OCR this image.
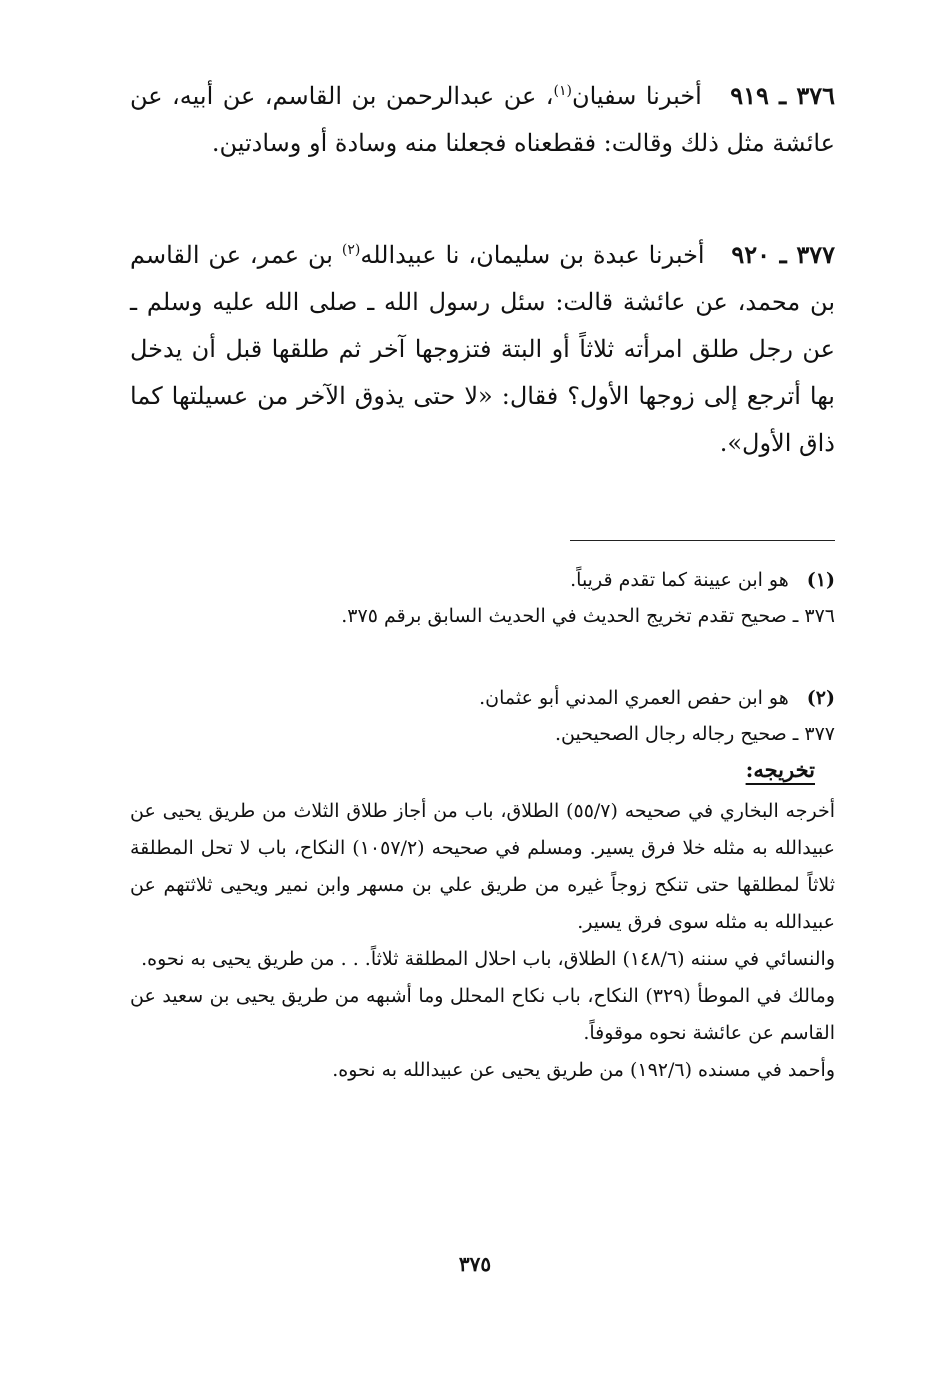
٣٧٦ ـ ٩١٩   أخبرنا سفيان$^{(١)}$، عن عبدالرحمن بن القاسم، عن أبيه، عن عائشة مثل ذلك وقالت: فقطعناه فجعلنا منه وسادة أو وسادتين.
٣٧٧ ـ ٩٢٠   أخبرنا عبدة بن سليمان، نا عبيدالله$^{(٢)}$ بن عمر، عن القاسم بن محمد، عن عائشة قالت: سئل رسول الله ـ صلى الله عليه وسلم ـ عن رجل طلق امرأته ثلاثاً أو البتة فتزوجها آخر ثم طلقها قبل أن يدخل بها أترجع إلى زوجها الأول؟ فقال: «لا حتى يذوق الآخر من عسيلتها كما ذاق الأول».
(١)هو ابن عيينة كما تقدم قريباً.
٣٧٦ ـ صحيح تقدم تخريج الحديث في الحديث السابق برقم ٣٧٥.
(٢)هو ابن حفص العمري المدني أبو عثمان.
٣٧٧ ـ صحيح رجاله رجال الصحيحين.
تخريجه:

أخرجه البخاري في صحيحه (٥٥/٧) الطلاق، باب من أجاز طلاق الثلاث من طريق يحيى عن عبيدالله به مثله خلا فرق يسير. ومسلم في صحيحه (١٠٥٧/٢) النكاح، باب لا تحل المطلقة ثلاثاً لمطلقها حتى تنكح زوجاً غيره من طريق علي بن مسهر وابن نمير ويحيى ثلاثتهم عن عبيدالله به مثله سوى فرق يسير.

والنسائي في سننه (١٤٨/٦) الطلاق، باب احلال المطلقة ثلاثاً. . . من طريق يحيى به نحوه.

ومالك في الموطأ (٣٢٩) النكاح، باب نكاح المحلل وما أشبهه من طريق يحيى بن سعيد عن القاسم عن عائشة نحوه موقوفاً.

وأحمد في مسنده (١٩٢/٦) من طريق يحيى عن عبيدالله به نحوه.

٣٧٥
